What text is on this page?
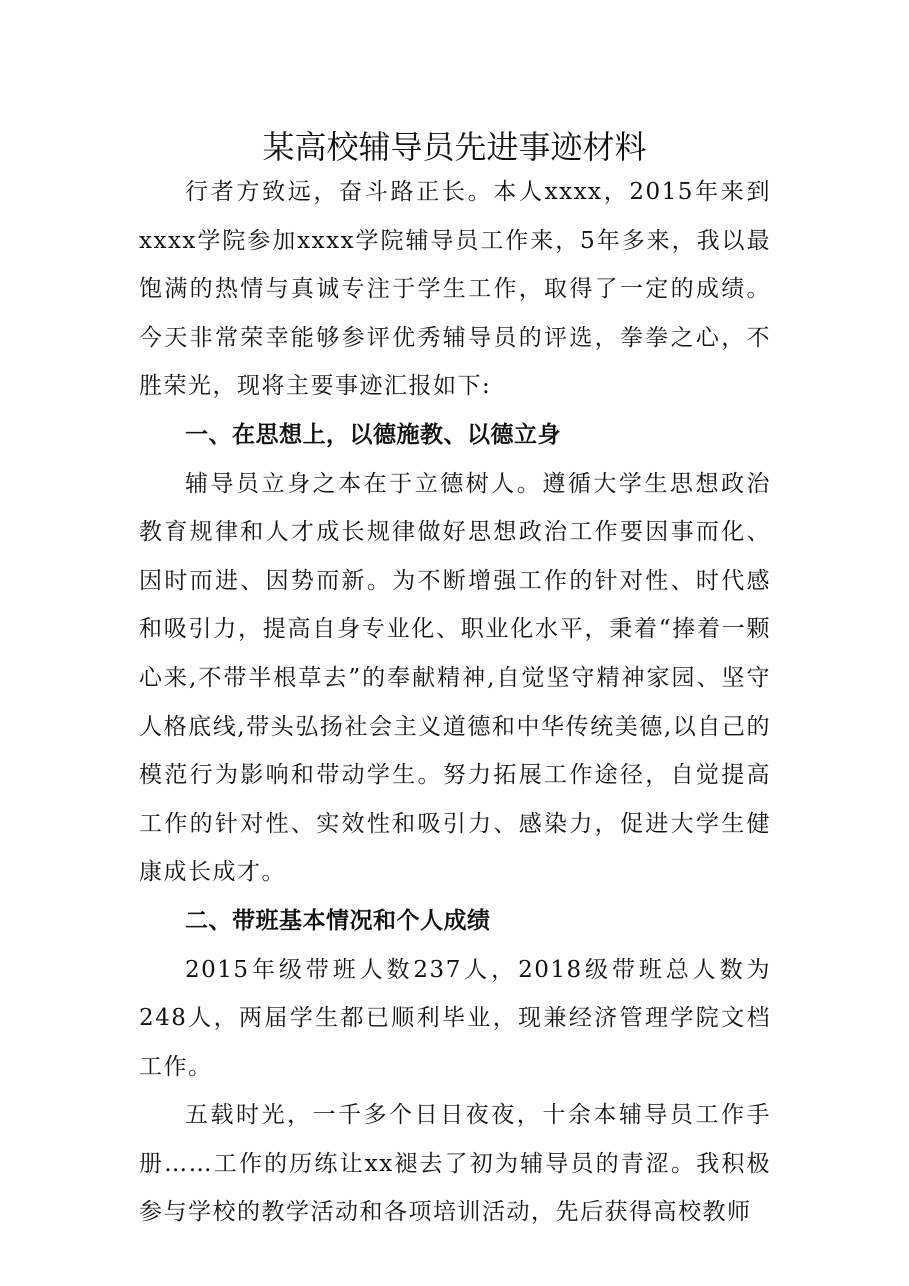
某高校辅导员先进事迹材料

行者方致远，奋斗路正长。本人xxxx，2015年来到xxxx学院参加xxxx学院辅导员工作来，5年多来，我以最饱满的热情与真诚专注于学生工作，取得了一定的成绩。今天非常荣幸能够参评优秀辅导员的评选，拳拳之心，不胜荣光，现将主要事迹汇报如下:

一、在思想上，以德施教、以德立身

辅导员立身之本在于立德树人。遵循大学生思想政治教育规律和人才成长规律做好思想政治工作要因事而化、因时而进、因势而新。为不断增强工作的针对性、时代感和吸引力，提高自身专业化、职业化水平，秉着“捧着一颗心来,不带半根草去”的奉献精神,自觉坚守精神家园、坚守人格底线,带头弘扬社会主义道德和中华传统美德,以自己的模范行为影响和带动学生。努力拓展工作途径，自觉提高工作的针对性、实效性和吸引力、感染力，促进大学生健康成长成才。

二、带班基本情况和个人成绩

2015年级带班人数237人，2018级带班总人数为248人，两届学生都已顺利毕业，现兼经济管理学院文档工作。

五载时光，一千多个日日夜夜，十余本辅导员工作手册……工作的历练让xx褪去了初为辅导员的青涩。我积极参与学校的教学活动和各项培训活动，先后获得高校教师
